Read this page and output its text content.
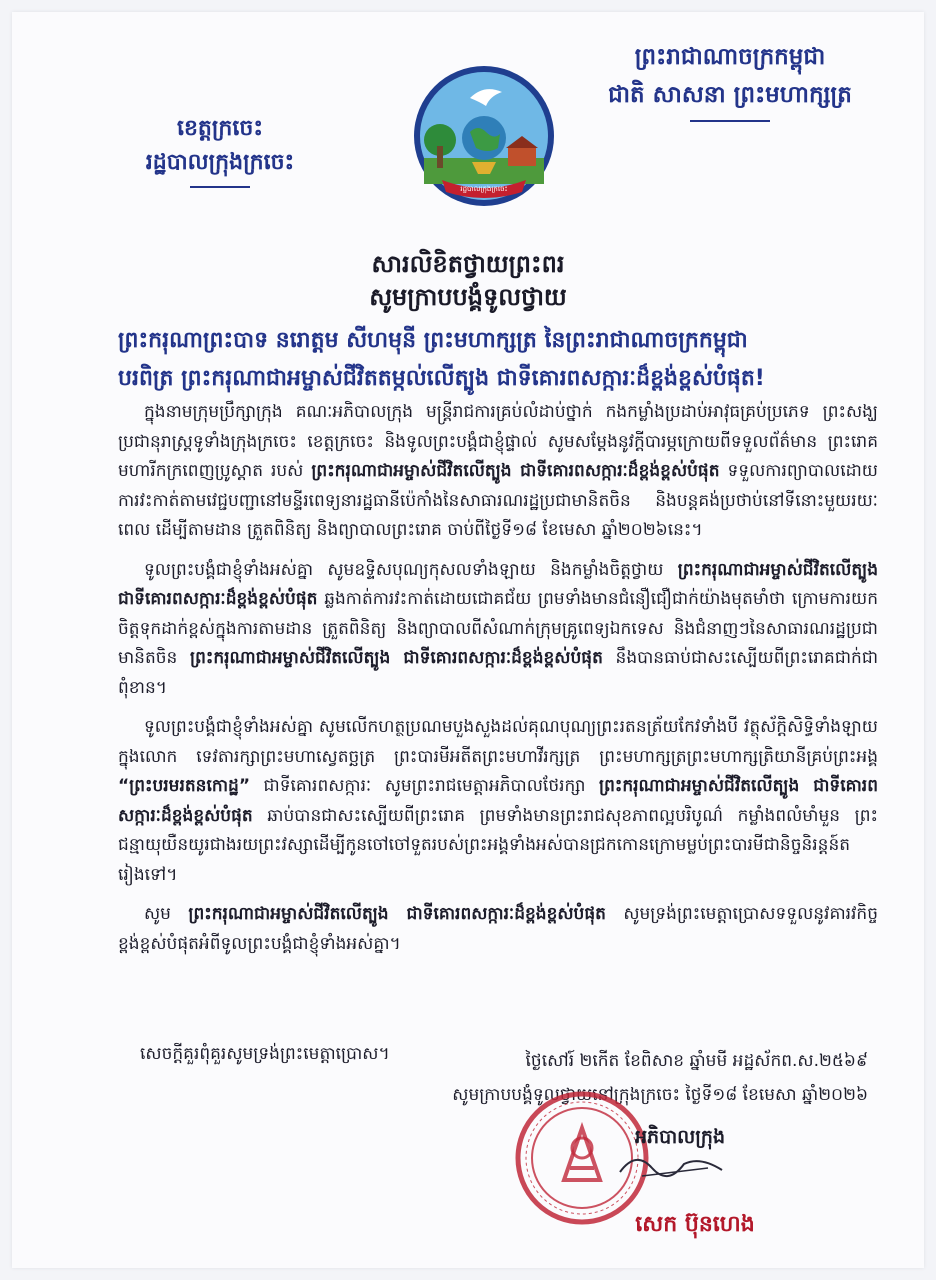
ខេត្តក្រចេះ
រដ្ឋបាលក្រុងក្រចេះ
រដ្ឋបាលក្រុងក្រចេះ
ព្រះរាជាណាចក្រកម្ពុជា
ជាតិ សាសនា ព្រះមហាក្សត្រ
សារលិខិតថ្វាយព្រះពរ
សូមក្រាបបង្គំទូលថ្វាយ
ព្រះករុណាព្រះបាទ នរោត្តម សីហមុនី ព្រះមហាក្សត្រ នៃព្រះរាជាណាចក្រកម្ពុជា
បរពិត្រ ព្រះករុណាជាអម្ចាស់ជីវិតតម្កល់លើត្បូង ជាទីគោរពសក្ការៈដ៏ខ្ពង់ខ្ពស់បំផុត!

ក្នុងនាមក្រុមប្រឹក្សាក្រុង គណៈអភិបាលក្រុង មន្ត្រីរាជការគ្រប់លំដាប់ថ្នាក់ កងកម្លាំងប្រដាប់អាវុធគ្រប់ប្រភេទ ព្រះសង្ឃ ប្រជានុរាស្ត្រទូទាំងក្រុងក្រចេះ ខេត្តក្រចេះ និងទូលព្រះបង្គំជាខ្ញុំផ្ទាល់ សូមសម្តែងនូវក្តីបារម្ភក្រោយពីទទួលព័ត៌មាន ព្រះរោគមហារីកក្រពេញប្រូស្តាត របស់ ព្រះករុណាជាអម្ចាស់ជីវិតលើត្បូង ជាទីគោរពសក្ការៈដ៏ខ្ពង់ខ្ពស់បំផុត ទទួលការព្យាបាលដោយការវះកាត់តាមវេជ្ជបញ្ជានៅមន្ទីរពេទ្យនារដ្ឋធានីប៉េកាំងនៃសាធារណរដ្ឋប្រជាមានិតចិន និងបន្តគង់ប្រថាប់នៅទីនោះមួយរយៈពេល ដើម្បីតាមដាន ត្រួតពិនិត្យ និងព្យាបាលព្រះរោគ ចាប់ពីថ្ងៃទី១៨ ខែមេសា ឆ្នាំ២០២៦នេះ។

ទូលព្រះបង្គំជាខ្ញុំទាំងអស់គ្នា សូមឧទ្ទិសបុណ្យកុសលទាំងឡាយ និងកម្លាំងចិត្តថ្វាយ ព្រះករុណាជាអម្ចាស់ជីវិតលើត្បូង ជាទីគោរពសក្ការៈដ៏ខ្ពង់ខ្ពស់បំផុត ឆ្លងកាត់ការវះកាត់ដោយជោគជ័យ ព្រមទាំងមានជំនឿជឿជាក់យ៉ាងមុតមាំថា ក្រោមការយកចិត្តទុកដាក់ខ្ពស់ក្នុងការតាមដាន ត្រួតពិនិត្យ និងព្យាបាលពីសំណាក់ក្រុមគ្រូពេទ្យឯកទេស និងជំនាញៗនៃសាធារណរដ្ឋប្រជាមានិតចិន ព្រះករុណាជាអម្ចាស់ជីវិតលើត្បូង ជាទីគោរពសក្ការៈដ៏ខ្ពង់ខ្ពស់បំផុត នឹងបានធាប់ជាសះស្បើយពីព្រះរោគជាក់ជាពុំខាន។

ទូលព្រះបង្គំជាខ្ញុំទាំងអស់គ្នា សូមលើកហត្ថប្រណមបួងសួងដល់គុណបុណ្យព្រះរតនត្រ័យកែវទាំងបី វត្ថុស័ក្តិសិទ្ធិទាំងឡាយក្នុងលោក ទេវតារក្សាព្រះមហាស្វេតច្ឆត្រ ព្រះបារមីអតីតព្រះមហាវីរក្សត្រ ព្រះមហាក្សត្រព្រះមហាក្សត្រិយានីគ្រប់ព្រះអង្គ “ព្រះបរមរតនកោដ្ឋ” ជាទីគោរពសក្ការៈ សូមព្រះរាជមេត្តាអភិបាលថែរក្សា ព្រះករុណាជាអម្ចាស់ជីវិតលើត្បូង ជាទីគោរពសក្ការៈដ៏ខ្ពង់ខ្ពស់បំផុត ឆាប់បានជាសះស្បើយពីព្រះរោគ ព្រមទាំងមានព្រះរាជសុខភាពល្អបរិបូណ៌ កម្លាំងពលំមាំមួន ព្រះជន្មាយុយឺនយូរជាងរយព្រះវស្សាដើម្បីកូនចៅចៅទួតរបស់ព្រះអង្គទាំងអស់បានជ្រកកោនក្រោមម្លប់ព្រះបារមីជានិច្ចនិរន្តន៍តរៀងទៅ។

សូម ព្រះករុណាជាអម្ចាស់ជីវិតលើត្បូង ជាទីគោរពសក្ការៈដ៏ខ្ពង់ខ្ពស់បំផុត សូមទ្រង់ព្រះមេត្តាប្រោសទទួលនូវគារវកិច្ចខ្ពង់ខ្ពស់បំផុតអំពីទូលព្រះបង្គំជាខ្ញុំទាំងអស់គ្នា។

សេចក្តីគួរពុំគួរសូមទ្រង់ព្រះមេត្តាប្រោស។	ថ្ងៃសៅរ៍ ២កើត ខែពិសាខ ឆ្នាំមមី អដ្ឋស័កព.ស.២៥៦៩
សូមក្រាបបង្គំទូលថ្វាយនៅក្រុងក្រចេះ ថ្ងៃទី១៨ ខែមេសា ឆ្នាំ២០២៦
អភិបាលក្រុង
សេក ប៊ុនហេង
